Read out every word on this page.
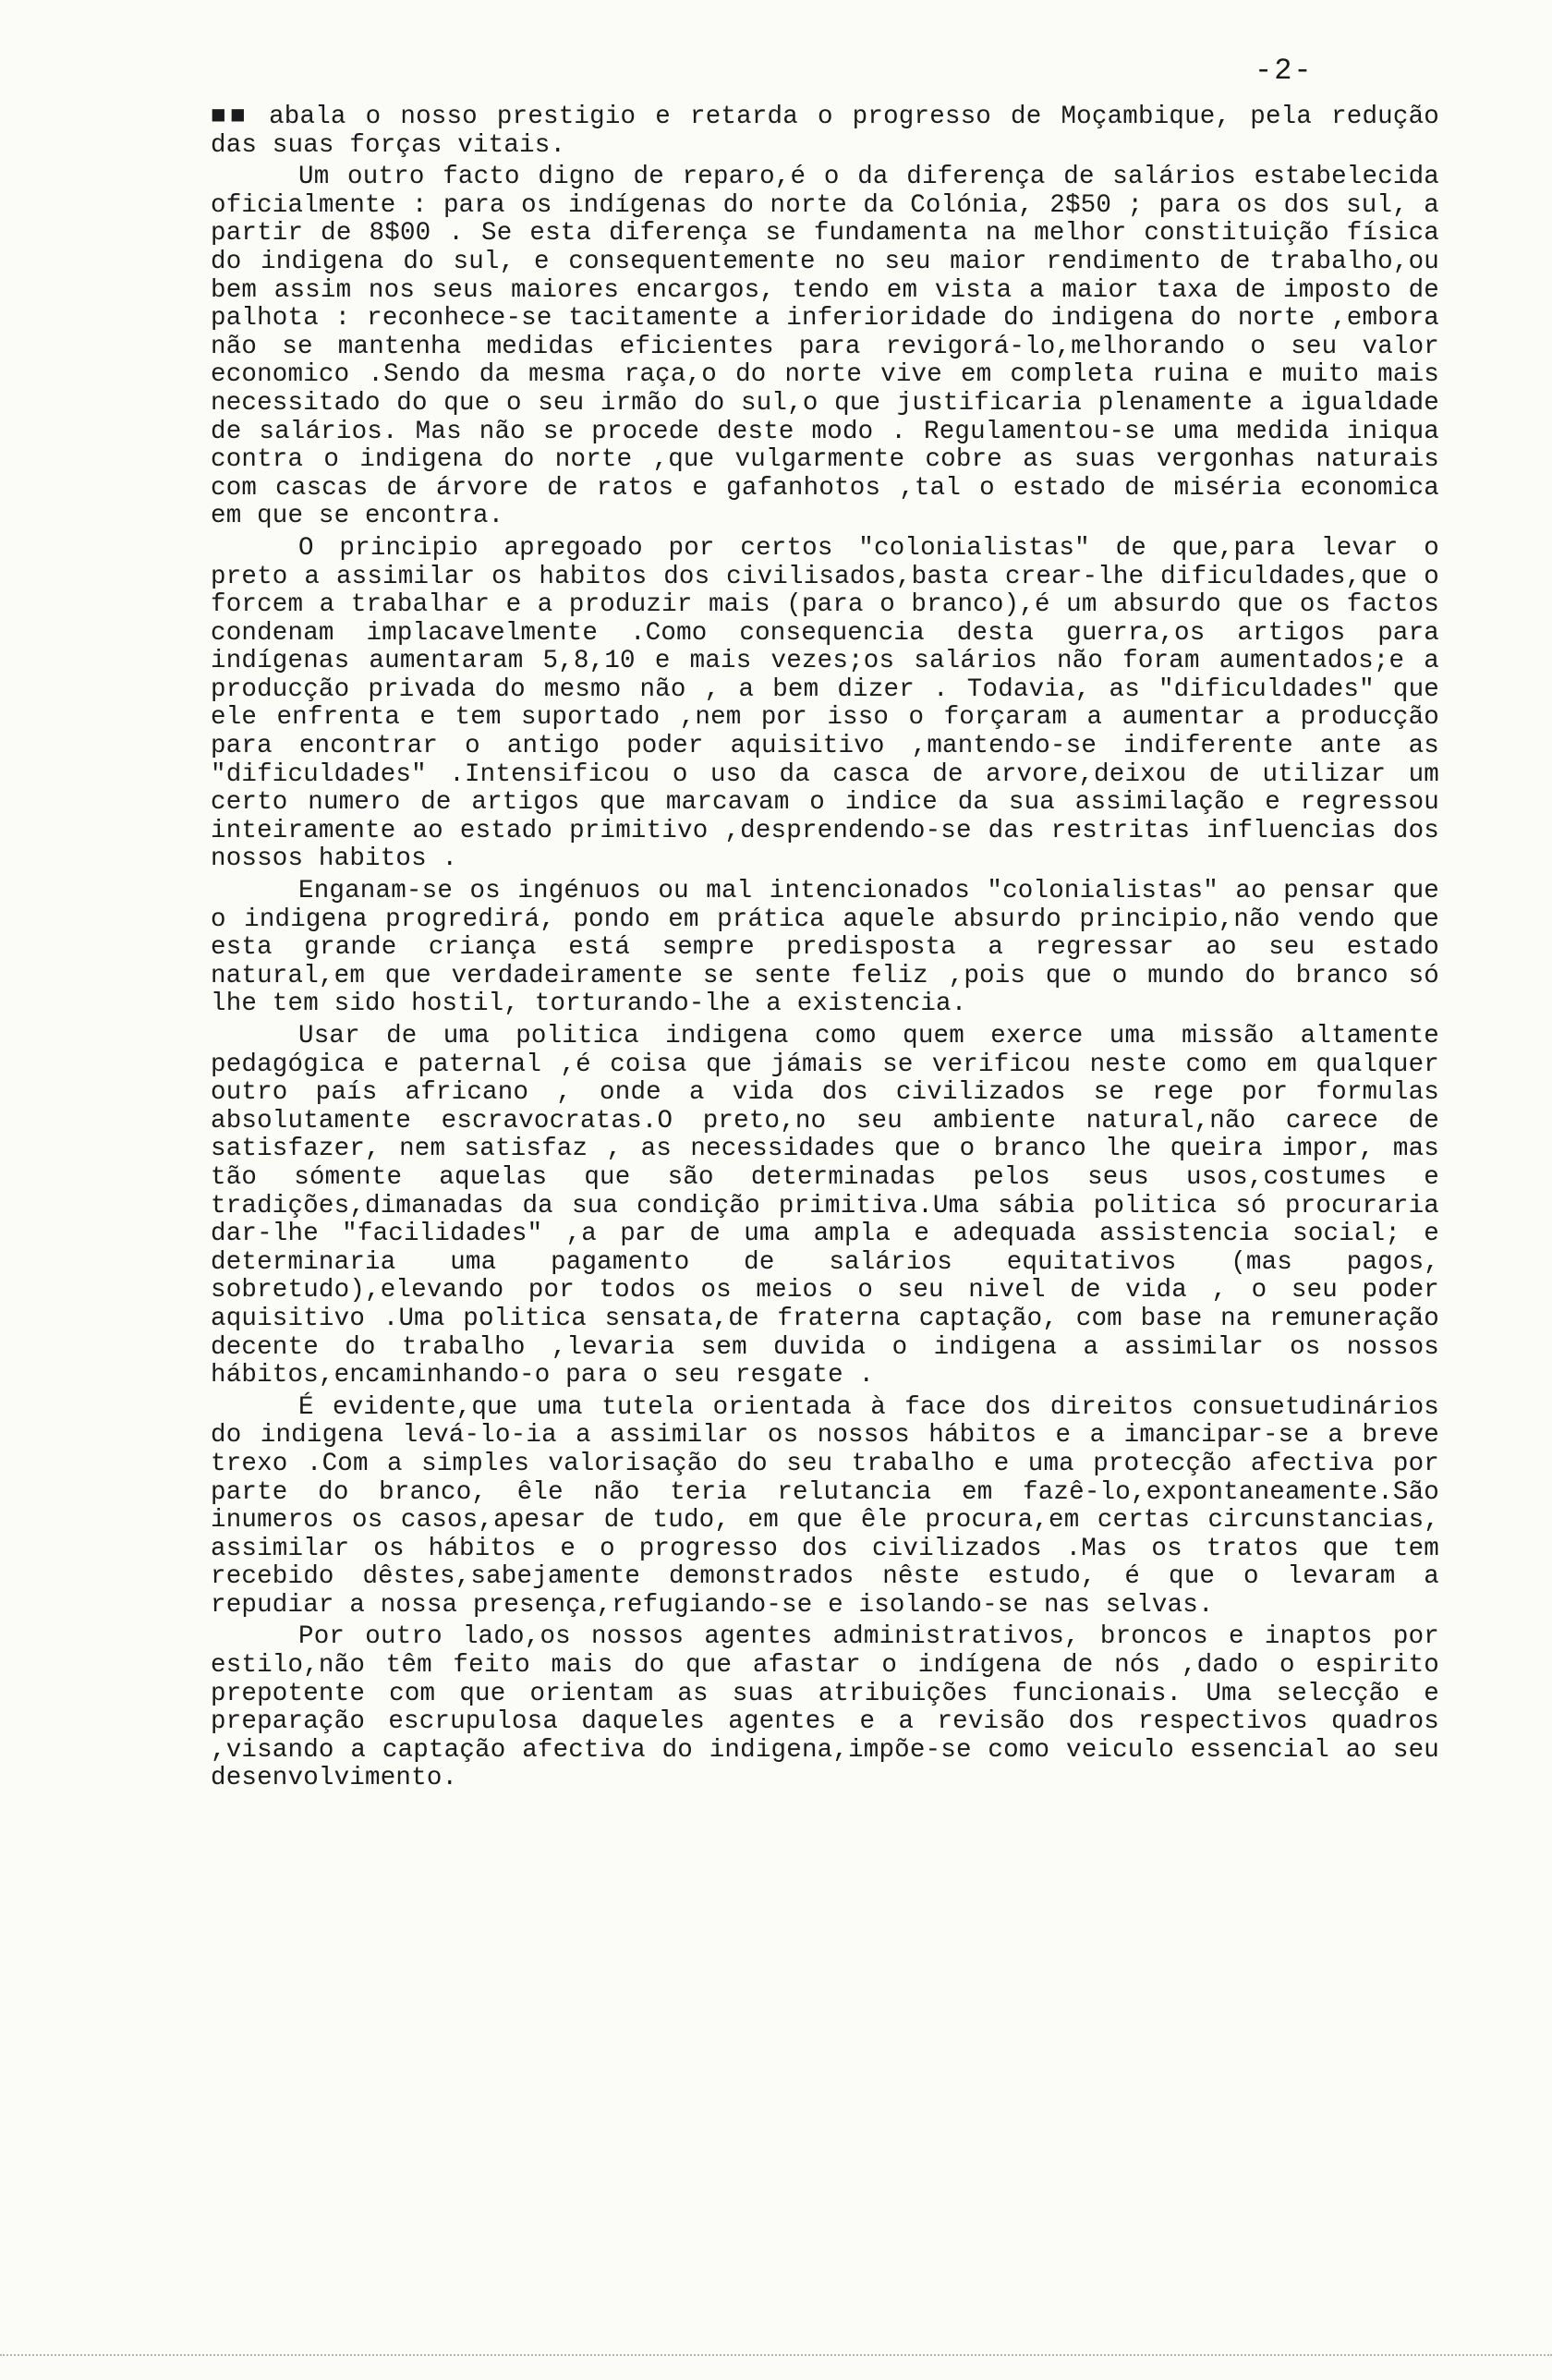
-2-

■■ abala o nosso prestigio e retarda o progresso de Moçambique, pela redução das suas forças vitais.

Um outro facto digno de reparo,é o da diferença de salários estabelecida oficialmente : para os indígenas do norte da Colónia, 2$50 ; para os dos sul, a partir de 8$00 . Se esta diferença se fundamenta na melhor constituição física do indigena do sul, e consequentemente no seu maior rendimento de trabalho,ou bem assim nos seus maiores encargos, tendo em vista a maior taxa de imposto de palhota : reconhece-se tacitamente a inferioridade do indigena do norte ,embora não se mantenha medidas eficientes para revigorá-lo,melhorando o seu valor economico .Sendo da mesma raça,o do norte vive em completa ruina e muito mais necessitado do que o seu irmão do sul,o que justificaria plenamente a igualdade de salários. Mas não se procede deste modo . Regulamentou-se uma medida iniqua contra o indigena do norte ,que vulgarmente cobre as suas vergonhas naturais com cascas de árvore de ratos e gafanhotos ,tal o estado de miséria economica em que se encontra.

O principio apregoado por certos "colonialistas" de que,para levar o preto a assimilar os habitos dos civilisados,basta crear-lhe dificuldades,que o forcem a trabalhar e a produzir mais (para o branco),é um absurdo que os factos condenam implacavelmente .Como consequencia desta guerra,os artigos para indígenas aumentaram 5,8,10 e mais vezes;os salários não foram aumentados;e a producção privada do mesmo não , a bem dizer . Todavia, as "dificuldades" que ele enfrenta e tem suportado ,nem por isso o forçaram a aumentar a producção para encontrar o antigo poder aquisitivo ,mantendo-se indiferente ante as "dificuldades" .Intensificou o uso da casca de arvore,deixou de utilizar um certo numero de artigos que marcavam o indice da sua assimilação e regressou inteiramente ao estado primitivo ,desprendendo-se das restritas influencias dos nossos habitos .

Enganam-se os ingénuos ou mal intencionados "colonialistas" ao pensar que o indigena progredirá, pondo em prática aquele absurdo principio,não vendo que esta grande criança está sempre predisposta a regressar ao seu estado natural,em que verdadeiramente se sente feliz ,pois que o mundo do branco só lhe tem sido hostil, torturando-lhe a existencia.

Usar de uma politica indigena como quem exerce uma missão altamente pedagógica e paternal ,é coisa que jámais se verificou neste como em qualquer outro país africano , onde a vida dos civilizados se rege por formulas absolutamente escravocratas.O preto,no seu ambiente natural,não carece de satisfazer, nem satisfaz , as necessidades que o branco lhe queira impor, mas tão sómente aquelas que são determinadas pelos seus usos,costumes e tradições,dimanadas da sua condição primitiva.Uma sábia politica só procuraria dar-lhe "facilidades" ,a par de uma ampla e adequada assistencia social; e determinaria uma pagamento de salários equitativos (mas pagos, sobretudo),elevando por todos os meios o seu nivel de vida , o seu poder aquisitivo .Uma politica sensata,de fraterna captação, com base na remuneração decente do trabalho ,levaria sem duvida o indigena a assimilar os nossos hábitos,encaminhando-o para o seu resgate .

É evidente,que uma tutela orientada à face dos direitos consuetudinários do indigena levá-lo-ia a assimilar os nossos hábitos e a imancipar-se a breve trexo .Com a simples valorisação do seu trabalho e uma protecção afectiva por parte do branco, êle não teria relutancia em fazê-lo,expontaneamente.São inumeros os casos,apesar de tudo, em que êle procura,em certas circunstancias, assimilar os hábitos e o progresso dos civilizados .Mas os tratos que tem recebido dêstes,sabejamente demonstrados nêste estudo, é que o levaram a repudiar a nossa presença,refugiando-se e isolando-se nas selvas.

Por outro lado,os nossos agentes administrativos, broncos e inaptos por estilo,não têm feito mais do que afastar o indígena de nós ,dado o espirito prepotente com que orientam as suas atribuições funcionais. Uma selecção e preparação escrupulosa daqueles agentes e a revisão dos respectivos quadros ,visando a captação afectiva do indigena,impõe-se como veiculo essencial ao seu desenvolvimento.
